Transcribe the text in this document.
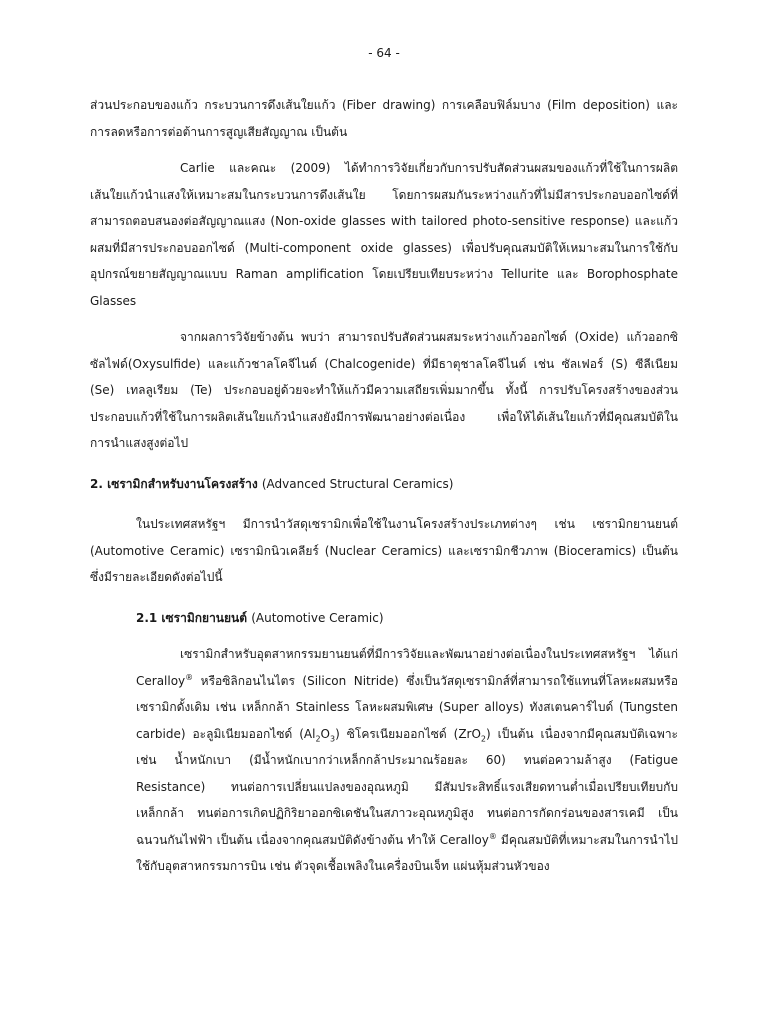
- 64 -

ส่วนประกอบของแก้ว กระบวนการดึงเส้นใยแก้ว (Fiber drawing) การเคลือบฟิล์มบาง (Film deposition) และการลดหรือการต่อต้านการสูญเสียสัญญาณ เป็นต้น

Carlie และคณะ (2009) ได้ทำการวิจัยเกี่ยวกับการปรับสัดส่วนผสมของแก้วที่ใช้ในการผลิตเส้นใยแก้วนำแสงให้เหมาะสมในกระบวนการดึงเส้นใย โดยการผสมกันระหว่างแก้วที่ไม่มีสารประกอบออกไซด์ที่สามารถตอบสนองต่อสัญญาณแสง (Non-oxide glasses with tailored photo-sensitive response) และแก้วผสมที่มีสารประกอบออกไซด์ (Multi-component oxide glasses) เพื่อปรับคุณสมบัติให้เหมาะสมในการใช้กับอุปกรณ์ขยายสัญญาณแบบ Raman amplification โดยเปรียบเทียบระหว่าง Tellurite และ Borophosphate Glasses

จากผลการวิจัยข้างต้น พบว่า สามารถปรับสัดส่วนผสมระหว่างแก้วออกไซด์ (Oxide) แก้วออกซิซัลไฟด์(Oxysulfide) และแก้วชาลโคจีไนด์ (Chalcogenide) ที่มีธาตุชาลโคจีไนด์ เช่น ซัลเฟอร์ (S) ซีลีเนียม (Se) เทลลูเรียม (Te) ประกอบอยู่ด้วยจะทำให้แก้วมีความเสถียรเพิ่มมากขึ้น ทั้งนี้ การปรับโครงสร้างของส่วนประกอบแก้วที่ใช้ในการผลิตเส้นใยแก้วนำแสงยังมีการพัฒนาอย่างต่อเนื่อง เพื่อให้ได้เส้นใยแก้วที่มีคุณสมบัติในการนำแสงสูงต่อไป

2. เซรามิกสำหรับงานโครงสร้าง (Advanced Structural Ceramics)

ในประเทศสหรัฐฯ มีการนำวัสดุเซรามิกเพื่อใช้ในงานโครงสร้างประเภทต่างๆ เช่น เซรามิกยานยนต์ (Automotive Ceramic) เซรามิกนิวเคลียร์ (Nuclear Ceramics) และเซรามิกชีวภาพ (Bioceramics) เป็นต้น ซึ่งมีรายละเอียดดังต่อไปนี้

2.1 เซรามิกยานยนต์ (Automotive Ceramic)

เซรามิกสำหรับอุตสาหกรรมยานยนต์ที่มีการวิจัยและพัฒนาอย่างต่อเนื่องในประเทศสหรัฐฯ ได้แก่ Ceralloy® หรือซิลิกอนไนไตร (Silicon Nitride) ซึ่งเป็นวัสดุเซรามิกส์ที่สามารถใช้แทนที่โลหะผสมหรือเซรามิกดั้งเดิม เช่น เหล็กกล้า Stainless โลหะผสมพิเศษ (Super alloys) ทังสเตนคาร์ไบด์ (Tungsten carbide) อะลูมิเนียมออกไซด์ $(Al_2O_3)$ ซิโครเนียมออกไซด์ (ZrO$_2$) เป็นต้น เนื่องจากมีคุณสมบัติเฉพาะ เช่น น้ำหนักเบา (มีน้ำหนักเบากว่าเหล็กกล้าประมาณร้อยละ 60) ทนต่อความล้าสูง (Fatigue Resistance) ทนต่อการเปลี่ยนแปลงของอุณหภูมิ มีสัมประสิทธิ์แรงเสียดทานต่ำเมื่อเปรียบเทียบกับเหล็กกล้า ทนต่อการเกิดปฏิกิริยาออกซิเดชันในสภาวะอุณหภูมิสูง ทนต่อการกัดกร่อนของสารเคมี เป็นฉนวนกันไฟฟ้า เป็นต้น เนื่องจากคุณสมบัติดังข้างต้น ทำให้ Ceralloy® มีคุณสมบัติที่เหมาะสมในการนำไปใช้กับอุตสาหกรรมการบิน เช่น ตัวจุดเชื้อเพลิงในเครื่องบินเจ็ท แผ่นหุ้มส่วนหัวของ
